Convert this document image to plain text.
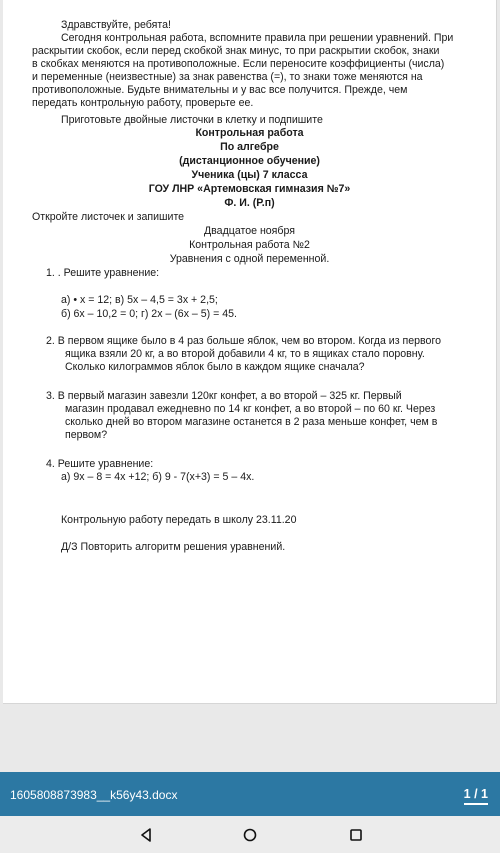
Здравствуйте, ребята!
Сегодня контрольная работа, вспомните правила при решении уравнений. При
раскрытии скобок, если перед скобкой знак минус, то при раскрытии скобок, знаки
в скобках меняются на противоположные. Если переносите коэффициенты (числа)
и переменные (неизвестные) за знак равенства (=), то знаки тоже меняются на
противоположные. Будьте внимательны и у вас все получится. Прежде, чем
передать контрольную работу, проверьте ее.
Приготовьте двойные листочки в клетку и подпишите
Контрольная работа
По алгебре
(дистанционное обучение)
Ученика (цы) 7 класса
ГОУ ЛНР «Артемовская гимназия №7»
Ф. И. (Р.п)
Откройте листочек и запишите
Двадцатое ноября
Контрольная работа №2
Уравнения с одной переменной.
1. . Решите уравнение:
а) • x = 12; в) 5x – 4,5 = 3x + 2,5;
б) 6x – 10,2 = 0; г) 2x – (6x – 5) = 45.
2. В первом ящике было в 4 раз больше яблок, чем во втором. Когда из первого
ящика взяли 20 кг, а во второй добавили 4 кг, то в ящиках стало поровну.
Сколько килограммов яблок было в каждом ящике сначала?
3. В первый магазин завезли 120кг конфет, а во второй – 325 кг. Первый
магазин продавал ежедневно по 14 кг конфет, а во второй – по 60 кг. Через
сколько дней во втором магазине останется в 2 раза меньше конфет, чем в
первом?
4. Решите уравнение:
а) 9x – 8 = 4x +12; б) 9 - 7(x+3) = 5 – 4x.
Контрольную работу передать в школу 23.11.20
Д/З Повторить алгоритм решения уравнений.
1605808873983__k56y43.docx	1 / 1
